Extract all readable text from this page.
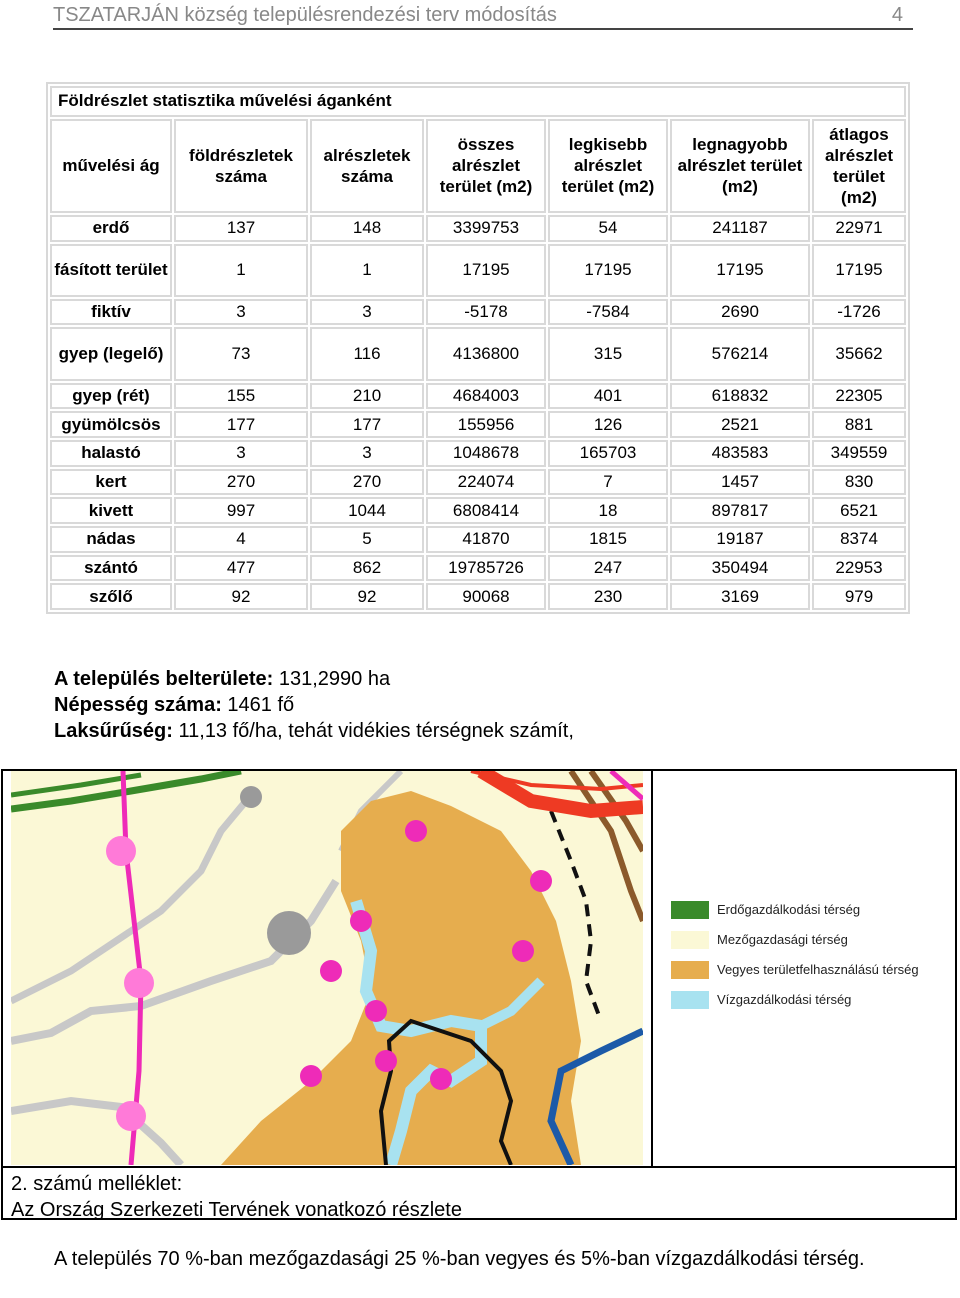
TSZATARJÁN község településrendezési terv módosítás	4
Földrészlet statisztika művelési áganként						
művelési ág	földrészletek száma	alrészletek száma	összes alrészlet terület (m2)	legkisebb alrészlet terület (m2)	legnagyobb alrészlet terület (m2)	átlagos alrészlet terület (m2)
erdő	137	148	3399753	54	241187	22971
fásított terület	1	1	17195	17195	17195	17195
fiktív	3	3	-5178	-7584	2690	-1726
gyep (legelő)	73	116	4136800	315	576214	35662
gyep (rét)	155	210	4684003	401	618832	22305
gyümölcsös	177	177	155956	126	2521	881
halastó	3	3	1048678	165703	483583	349559
kert	270	270	224074	7	1457	830
kivett	997	1044	6808414	18	897817	6521
nádas	4	5	41870	1815	19187	8374
szántó	477	862	19785726	247	350494	22953
szőlő	92	92	90068	230	3169	979
A település belterülete: 131,2990 ha
Népesség száma: 1461 fő
Laksűrűség: 11,13 fő/ha, tehát vidékies térségnek számít,
Erdőgazdálkodási térség
Mezőgazdasági térség
Vegyes területfelhasználású térség
Vízgazdálkodási térség
2. számú melléklet:
Az Ország Szerkezeti Tervének vonatkozó részlete
A település 70 %-ban mezőgazdasági 25 %-ban vegyes és 5%-ban vízgazdálkodási térség.
